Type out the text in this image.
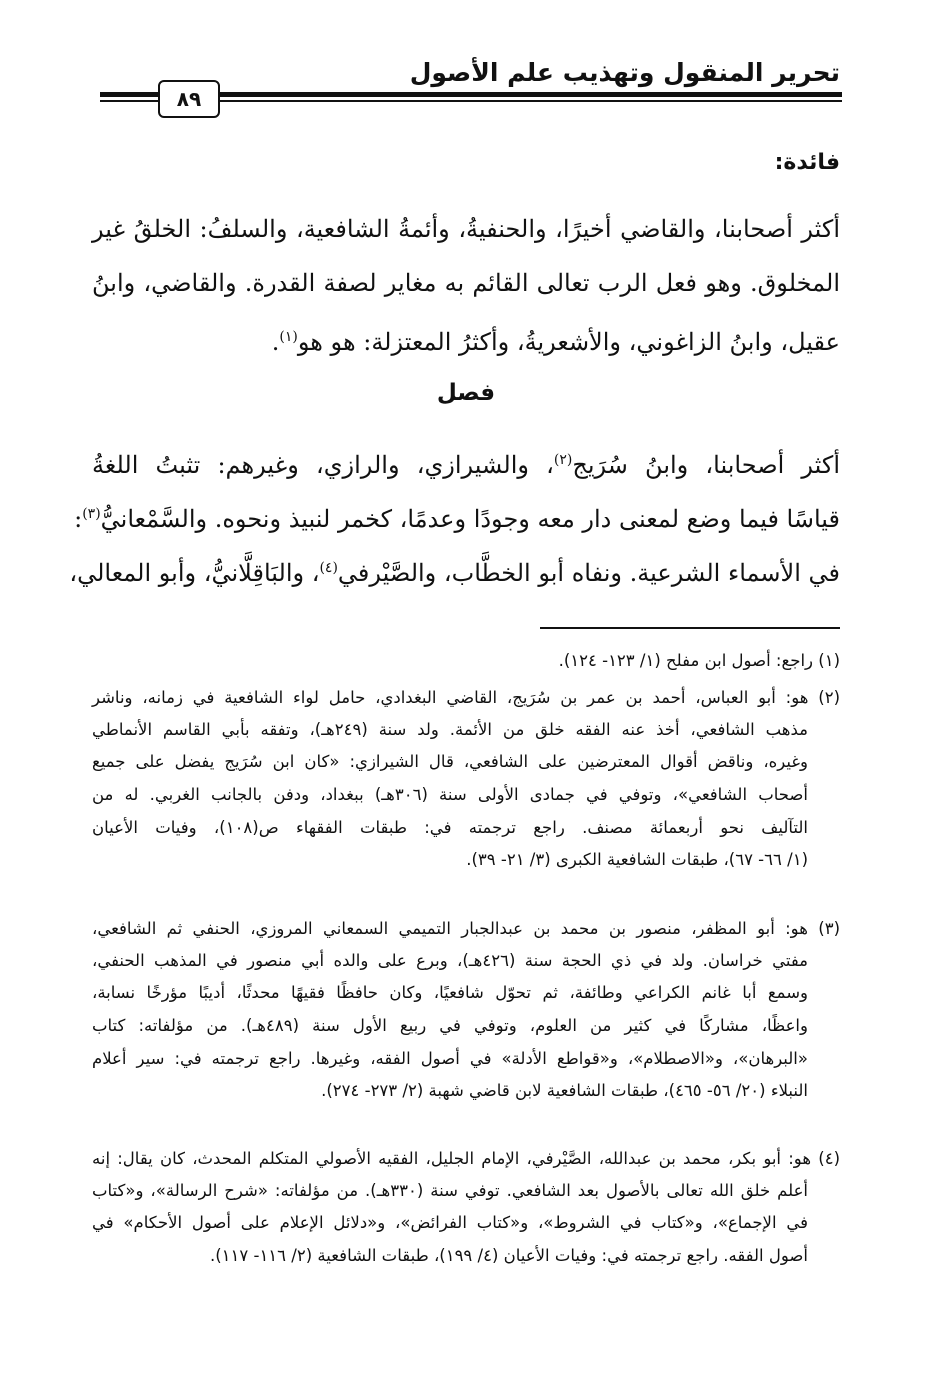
تحرير المنقول وتهذيب علم الأصول
٨٩
فائدة:
أكثر أصحابنا، والقاضي أخيرًا، والحنفيةُ، وأئمةُ الشافعية، والسلفُ: الخلقُ غير
المخلوق. وهو فعل الرب تعالى القائم به مغاير لصفة القدرة. والقاضي، وابنُ
عقيل، وابنُ الزاغوني، والأشعريةُ، وأكثرُ المعتزلة: هو هو$^{(١)}$.
فصل
أكثر أصحابنا، وابنُ سُرَيج$^{(٢)}$، والشيرازي، والرازي، وغيرهم: تثبتُ اللغةُ
قياسًا فيما وضع لمعنى دار معه وجودًا وعدمًا، كخمر لنبيذ ونحوه. والسَّمْعانيُّ$^{(٣)}$:
في الأسماء الشرعية. ونفاه أبو الخطَّاب، والصَّيْرفي$^{(٤)}$، والبَاقِلَّانيُّ، وأبو المعالي،
(١) راجع: أصول ابن مفلح (١/ ١٢٣- ١٢٤).
(٢) هو: أبو العباس، أحمد بن عمر بن سُرَيج، القاضي البغدادي، حامل لواء الشافعية في زمانه، وناشر
مذهب الشافعي، أخذ عنه الفقه خلق من الأئمة. ولد سنة (٢٤٩هـ)، وتفقه بأبي القاسم الأنماطي
وغيره، وناقض أقوال المعترضين على الشافعي، قال الشيرازي: «كان ابن سُرَيج يفضل على جميع
أصحاب الشافعي»، وتوفي في جمادى الأولى سنة (٣٠٦هـ) ببغداد، ودفن بالجانب الغربي. له من
التآليف نحو أربعمائة مصنف. راجع ترجمته في: طبقات الفقهاء ص(١٠٨)، وفيات الأعيان
(١/ ٦٦- ٦٧)، طبقات الشافعية الكبرى (٣/ ٢١- ٣٩).
(٣) هو: أبو المظفر، منصور بن محمد بن عبدالجبار التميمي السمعاني المروزي، الحنفي ثم الشافعي،
مفتي خراسان. ولد في ذي الحجة سنة (٤٢٦هـ)، وبرع على والده أبي منصور في المذهب الحنفي،
وسمع أبا غانم الكراعي وطائفة، ثم تحوّل شافعيًا، وكان حافظًا فقيهًا محدثًا، أديبًا مؤرخًا نسابة،
واعظًا، مشاركًا في كثير من العلوم، وتوفي في ربيع الأول سنة (٤٨٩هـ). من مؤلفاته: كتاب
«البرهان»، و«الاصطلام»، و«قواطع الأدلة» في أصول الفقه، وغيرها. راجع ترجمته في: سير أعلام
النبلاء (٢٠/ ٥٦- ٤٦٥)، طبقات الشافعية لابن قاضي شهبة (٢/ ٢٧٣- ٢٧٤).
(٤) هو: أبو بكر، محمد بن عبدالله، الصَّيْرفي، الإمام الجليل، الفقيه الأصولي المتكلم المحدث، كان يقال: إنه
أعلم خلق الله تعالى بالأصول بعد الشافعي. توفي سنة (٣٣٠هـ). من مؤلفاته: «شرح الرسالة»، و«كتاب
في الإجماع»، و«كتاب في الشروط»، و«كتاب الفرائض»، و«دلائل الإعلام على أصول الأحكام» في
أصول الفقه. راجع ترجمته في: وفيات الأعيان (٤/ ١٩٩)، طبقات الشافعية (٢/ ١١٦- ١١٧).
